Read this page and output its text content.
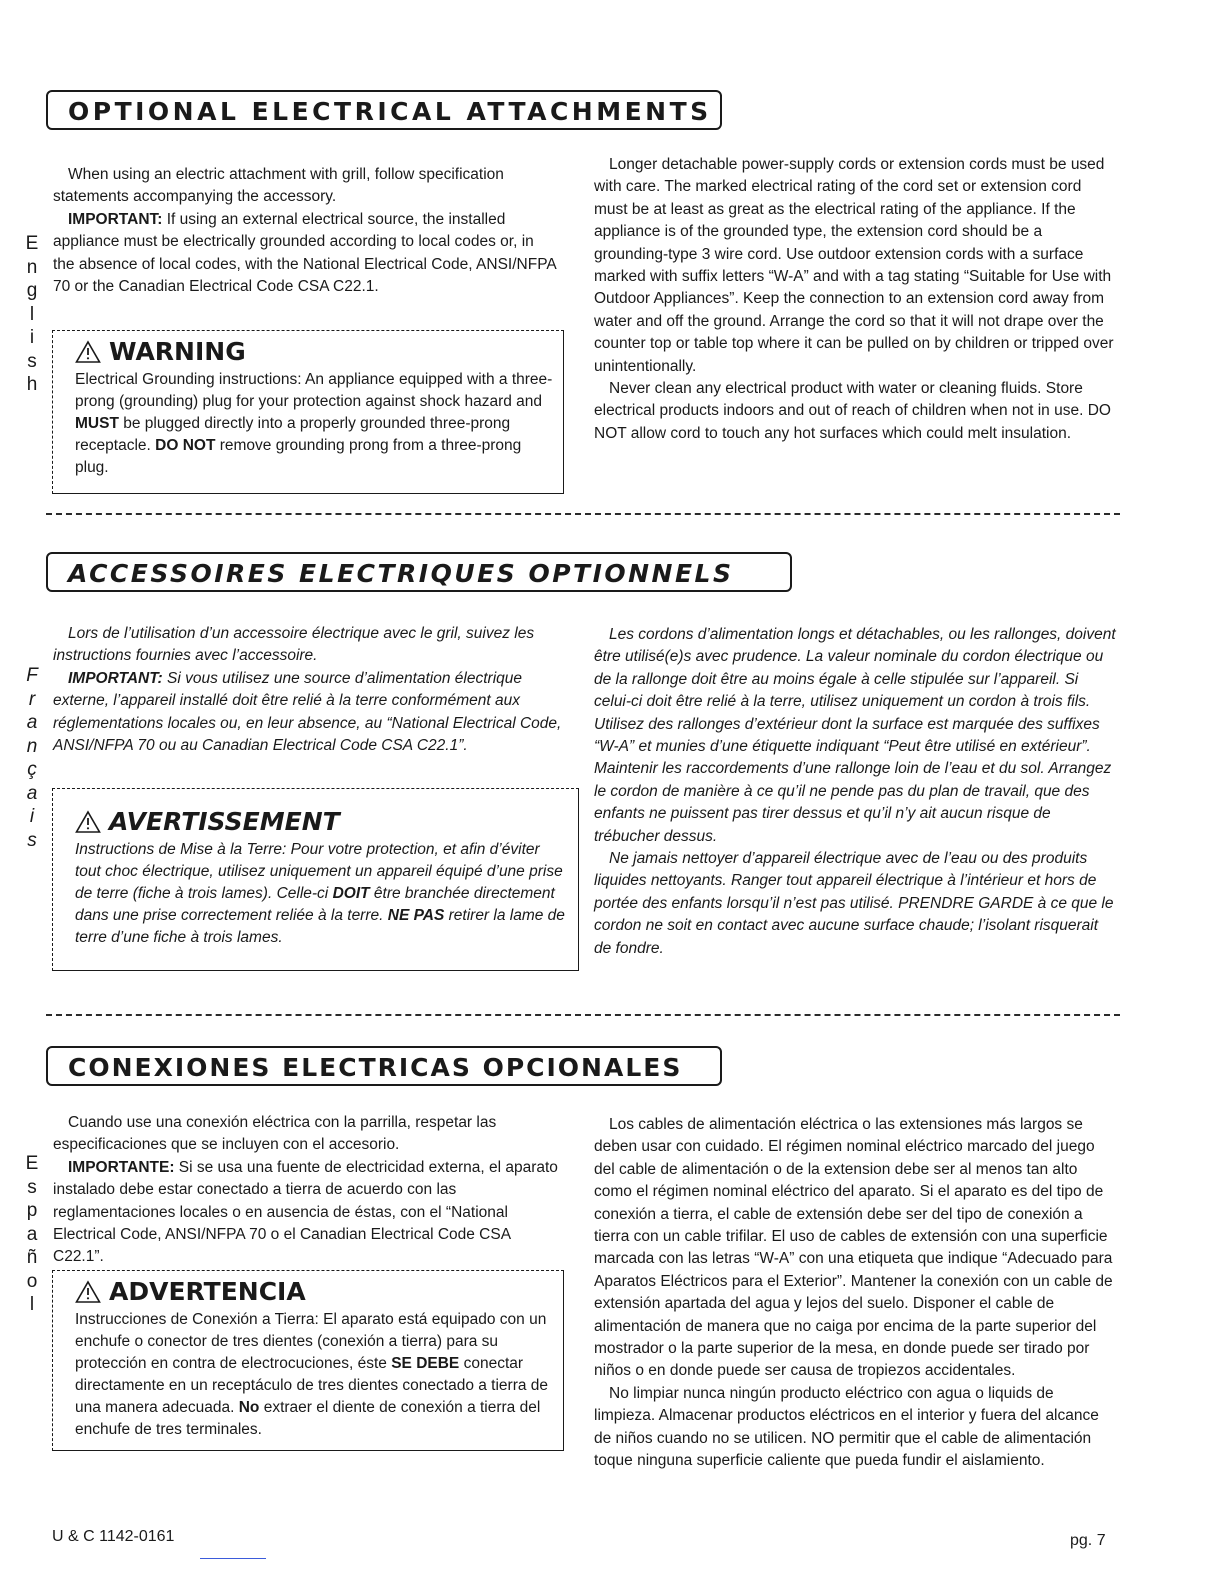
OPTIONAL ELECTRICAL ATTACHMENTS
E
n
g
l
i
s
h

When using an electric attachment with grill, follow specification statements accompanying the accessory.

IMPORTANT: If using an external electrical source, the installed appliance must be electrically grounded according to local codes or, in the absence of local codes, with the National Electrical Code, ANSI/NFPA 70 or the Canadian Electrical Code CSA C22.1.

WARNING
Electrical Grounding instructions: An appliance equipped with a three-prong (grounding) plug for your protection against shock hazard and MUST be plugged directly into a properly grounded three-prong receptacle. DO NOT remove grounding prong from a three-prong plug.

Longer detachable power-supply cords or extension cords must be used with care. The marked electrical rating of the cord set or extension cord must be at least as great as the electrical rating of the appliance. If the appliance is of the grounded type, the extension cord should be a grounding-type 3 wire cord. Use outdoor extension cords with a surface marked with suffix letters “W-A” and with a tag stating “Suitable for Use with Outdoor Appliances”. Keep the connection to an extension cord away from water and off the ground. Arrange the cord so that it will not drape over the counter top or table top where it can be pulled on by children or tripped over unintentionally.

Never clean any electrical product with water or cleaning fluids. Store electrical products indoors and out of reach of children when not in use. DO NOT allow cord to touch any hot surfaces which could melt insulation.

ACCESSOIRES ELECTRIQUES OPTIONNELS
F
r
a
n
ç
a
i
s

Lors de l’utilisation d’un accessoire électrique avec le gril, suivez les instructions fournies avec l’accessoire.

IMPORTANT: Si vous utilisez une source d’alimentation électrique externe, l’appareil installé doit être relié à la terre conformément aux réglementations locales ou, en leur absence, au “National Electrical Code, ANSI/NFPA 70 ou au Canadian Electrical Code CSA C22.1”.

AVERTISSEMENT
Instructions de Mise à la Terre: Pour votre protection, et afin d’éviter tout choc électrique, utilisez uniquement un appareil équipé d’une prise de terre (fiche à trois lames). Celle-ci DOIT être branchée directement dans une prise correctement reliée à la terre. NE PAS retirer la lame de terre d’une fiche à trois lames.

Les cordons d’alimentation longs et détachables, ou les rallonges, doivent être utilisé(e)s avec prudence. La valeur nominale du cordon électrique ou de la rallonge doit être au moins égale à celle stipulée sur l’appareil. Si celui-ci doit être relié à la terre, utilisez uniquement un cordon à trois fils. Utilisez des rallonges d’extérieur dont la surface est marquée des suffixes “W-A” et munies d’une étiquette indiquant “Peut être utilisé en extérieur”. Maintenir les raccordements d’une rallonge loin de l’eau et du sol. Arrangez le cordon de manière à ce qu’il ne pende pas du plan de travail, que des enfants ne puissent pas tirer dessus et qu’il n’y ait aucun risque de trébucher dessus.

Ne jamais nettoyer d’appareil électrique avec de l’eau ou des produits liquides nettoyants. Ranger tout appareil électrique à l’intérieur et hors de portée des enfants lorsqu’il n’est pas utilisé. PRENDRE GARDE à ce que le cordon ne soit en contact avec aucune surface chaude; l’isolant risquerait de fondre.

CONEXIONES ELECTRICAS OPCIONALES
E
s
p
a
ñ
o
l

Cuando use una conexión eléctrica con la parrilla, respetar las especificaciones que se incluyen con el accesorio.

IMPORTANTE: Si se usa una fuente de electricidad externa, el aparato instalado debe estar conectado a tierra de acuerdo con las reglamentaciones locales o en ausencia de éstas, con el “National Electrical Code, ANSI/NFPA 70 o el Canadian Electrical Code CSA C22.1”.

ADVERTENCIA
Instrucciones de Conexión a Tierra: El aparato está equipado con un enchufe o conector de tres dientes (conexión a tierra) para su protección en contra de electrocuciones, éste SE DEBE conectar directamente en un receptáculo de tres dientes conectado a tierra de una manera adecuada. No extraer el diente de conexión a tierra del enchufe de tres terminales.

Los cables de alimentación eléctrica o las extensiones más largos se deben usar con cuidado. El régimen nominal eléctrico marcado del juego del cable de alimentación o de la extension debe ser al menos tan alto como el régimen nominal eléctrico del aparato. Si el aparato es del tipo de conexión a tierra, el cable de extensión debe ser del tipo de conexión a tierra con un cable trifilar. El uso de cables de extensión con una superficie marcada con las letras “W-A” con una etiqueta que indique “Adecuado para Aparatos Eléctricos para el Exterior”. Mantener la conexión con un cable de extensión apartada del agua y lejos del suelo. Disponer el cable de alimentación de manera que no caiga por encima de la parte superior del mostrador o la parte superior de la mesa, en donde puede ser tirado por niños o en donde puede ser causa de tropiezos accidentales.

No limpiar nunca ningún producto eléctrico con agua o liquids de limpieza. Almacenar productos eléctricos en el interior y fuera del alcance de niños cuando no se utilicen. NO permitir que el cable de alimentación toque ninguna superficie caliente que pueda fundir el aislamiento.

U & C 1142-0161	pg. 7
